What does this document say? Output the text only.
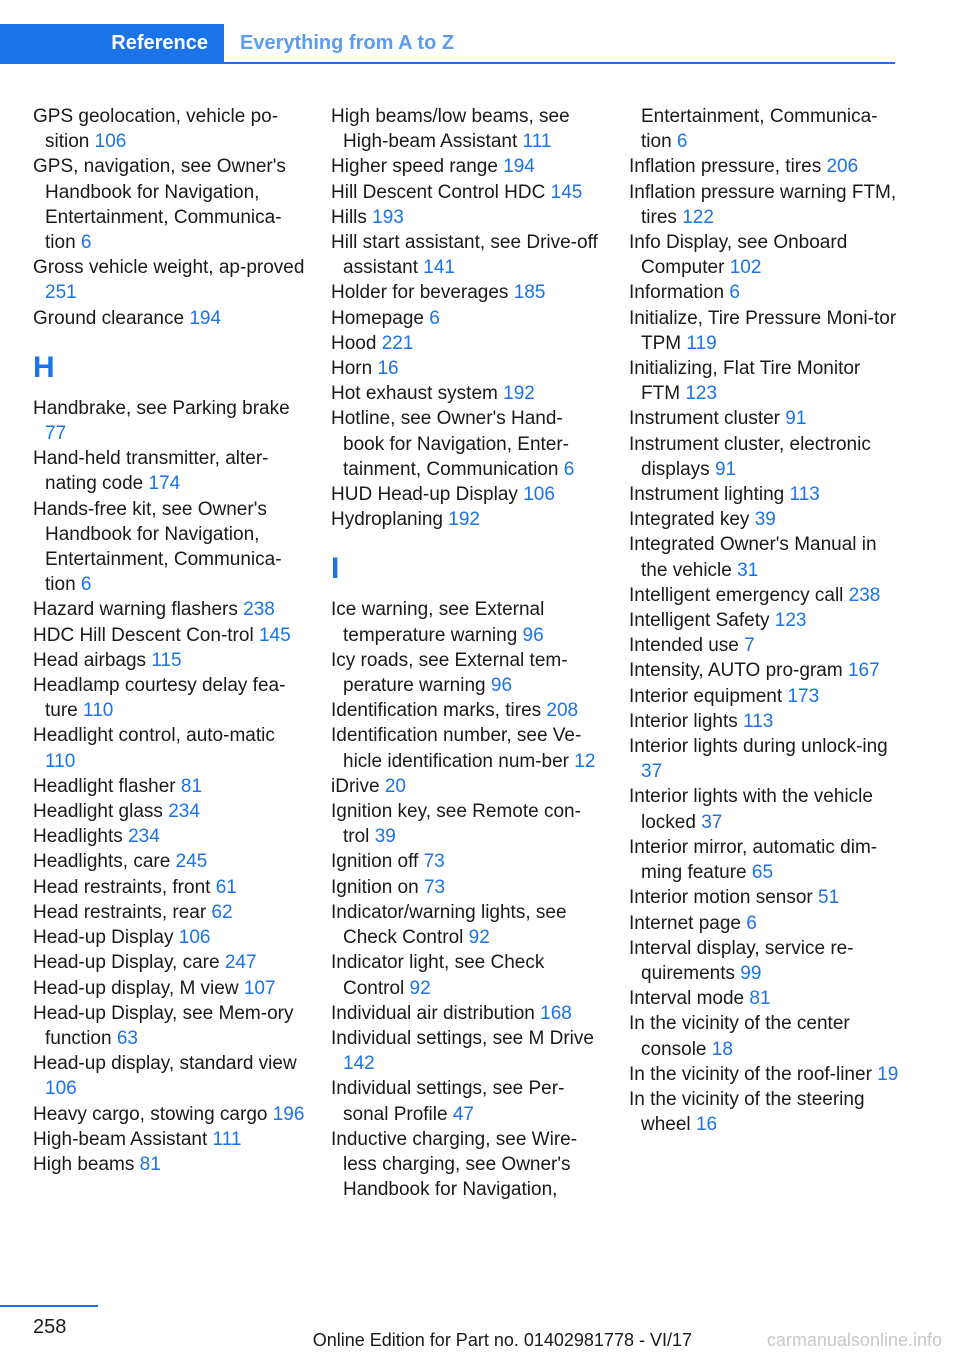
Reference	Everything from A to Z
GPS geolocation, vehicle po‐sition 106
GPS, navigation, see Owner's Handbook for Navigation, Entertainment, Communica‐tion 6
Gross vehicle weight, ap‐proved 251
Ground clearance 194
H
Handbrake, see Parking brake 77
Hand-held transmitter, alter‐nating code 174
Hands-free kit, see Owner's Handbook for Navigation, Entertainment, Communica‐tion 6
Hazard warning flashers 238
HDC Hill Descent Con‐trol 145
Head airbags 115
Headlamp courtesy delay fea‐ture 110
Headlight control, auto‐matic 110
Headlight flasher 81
Headlight glass 234
Headlights 234
Headlights, care 245
Head restraints, front 61
Head restraints, rear 62
Head-up Display 106
Head-up Display, care 247
Head-up display, M view 107
Head-up Display, see Mem‐ory function 63
Head-up display, standard view 106
Heavy cargo, stowing cargo 196
High-beam Assistant 111
High beams 81
High beams/low beams, see High-beam Assistant 111
Higher speed range 194
Hill Descent Control HDC 145
Hills 193
Hill start assistant, see Drive-off assistant 141
Holder for beverages 185
Homepage 6
Hood 221
Horn 16
Hot exhaust system 192
Hotline, see Owner's Hand‐book for Navigation, Enter‐tainment, Communication 6
HUD Head-up Display 106
Hydroplaning 192
I
Ice warning, see External temperature warning 96
Icy roads, see External tem‐perature warning 96
Identification marks, tires 208
Identification number, see Ve‐hicle identification num‐ber 12
iDrive 20
Ignition key, see Remote con‐trol 39
Ignition off 73
Ignition on 73
Indicator/warning lights, see Check Control 92
Indicator light, see Check Control 92
Individual air distribution 168
Individual settings, see M Drive 142
Individual settings, see Per‐sonal Profile 47
Inductive charging, see Wire‐less charging, see Owner's Handbook for Navigation,
Entertainment, Communica‐tion 6
Inflation pressure, tires 206
Inflation pressure warning FTM, tires 122
Info Display, see Onboard Computer 102
Information 6
Initialize, Tire Pressure Moni‐tor TPM 119
Initializing, Flat Tire Monitor FTM 123
Instrument cluster 91
Instrument cluster, electronic displays 91
Instrument lighting 113
Integrated key 39
Integrated Owner's Manual in the vehicle 31
Intelligent emergency call 238
Intelligent Safety 123
Intended use 7
Intensity, AUTO pro‐gram 167
Interior equipment 173
Interior lights 113
Interior lights during unlock‐ing 37
Interior lights with the vehicle locked 37
Interior mirror, automatic dim‐ming feature 65
Interior motion sensor 51
Internet page 6
Interval display, service re‐quirements 99
Interval mode 81
In the vicinity of the center console 18
In the vicinity of the roof‐liner 19
In the vicinity of the steering wheel 16
258
Online Edition for Part no. 01402981778 - VI/17	carmanualsonline.info
